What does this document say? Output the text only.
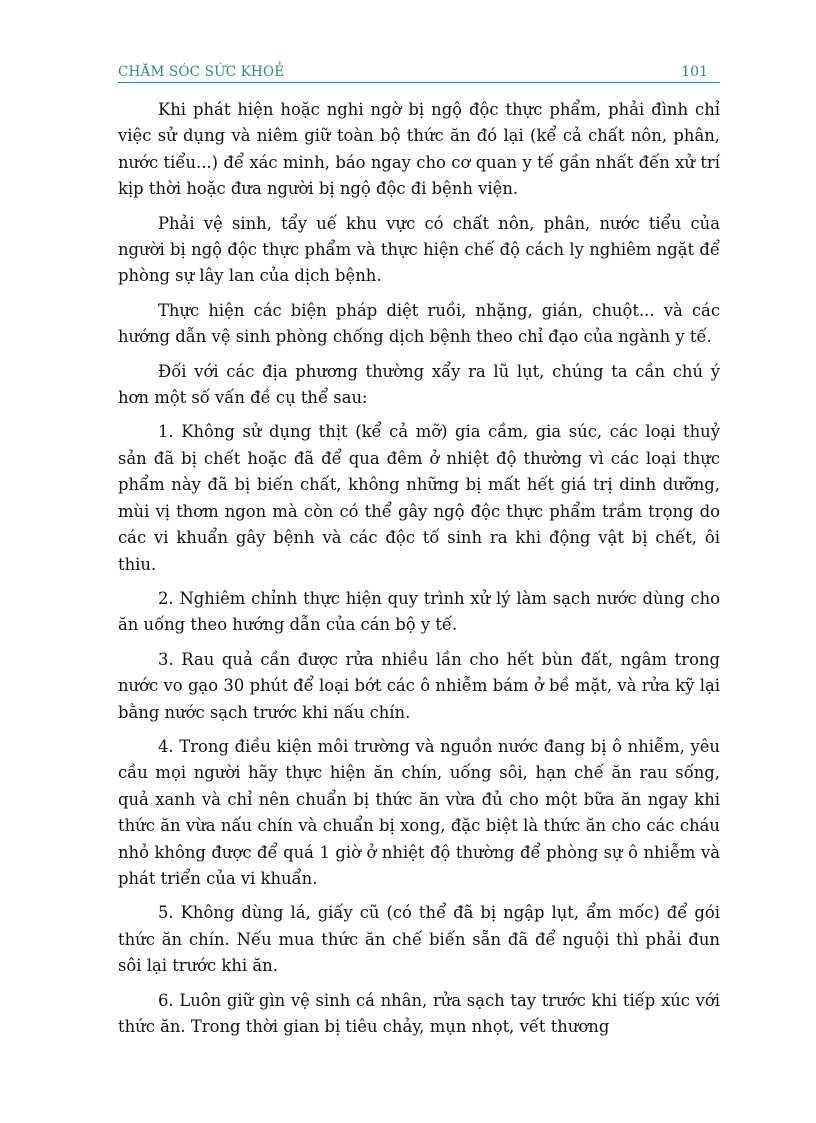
CHĂM SÓC SỨC KHOẺ	101

Khi phát hiện hoặc nghi ngờ bị ngộ độc thực phẩm, phải đình chỉ việc sử dụng và niêm giữ toàn bộ thức ăn đó lại (kể cả chất nôn, phân, nước tiểu...) để xác minh, báo ngay cho cơ quan y tế gần nhất đến xử trí kịp thời hoặc đưa người bị ngộ độc đi bệnh viện.

Phải vệ sinh, tẩy uế khu vực có chất nôn, phân, nước tiểu của người bị ngộ độc thực phẩm và thực hiện chế độ cách ly nghiêm ngặt để phòng sự lây lan của dịch bệnh.

Thực hiện các biện pháp diệt ruồi, nhặng, gián, chuột... và các hướng dẫn vệ sinh phòng chống dịch bệnh theo chỉ đạo của ngành y tế.

Đối với các địa phương thường xẩy ra lũ lụt, chúng ta cần chú ý hơn một số vấn đề cụ thể sau:

1. Không sử dụng thịt (kể cả mỡ) gia cầm, gia súc, các loại thuỷ sản đã bị chết hoặc đã để qua đêm ở nhiệt độ thường vì các loại thực phẩm này đã bị biến chất, không những bị mất hết giá trị dinh dưỡng, mùi vị thơm ngon mà còn có thể gây ngộ độc thực phẩm trầm trọng do các vi khuẩn gây bệnh và các độc tố sinh ra khi động vật bị chết, ôi thiu.

2. Nghiêm chỉnh thực hiện quy trình xử lý làm sạch nước dùng cho ăn uống theo hướng dẫn của cán bộ y tế.

3. Rau quả cần được rửa nhiều lần cho hết bùn đất, ngâm trong nước vo gạo 30 phút để loại bớt các ô nhiễm bám ở bề mặt, và rửa kỹ lại bằng nước sạch trước khi nấu chín.

4. Trong điều kiện môi trường và nguồn nước đang bị ô nhiễm, yêu cầu mọi người hãy thực hiện ăn chín, uống sôi, hạn chế ăn rau sống, quả xanh và chỉ nên chuẩn bị thức ăn vừa đủ cho một bữa ăn ngay khi thức ăn vừa nấu chín và chuẩn bị xong, đặc biệt là thức ăn cho các cháu nhỏ không được để quá 1 giờ ở nhiệt độ thường để phòng sự ô nhiễm và phát triển của vi khuẩn.

5. Không dùng lá, giấy cũ (có thể đã bị ngập lụt, ẩm mốc) để gói thức ăn chín. Nếu mua thức ăn chế biến sẵn đã để nguội thì phải đun sôi lại trước khi ăn.

6. Luôn giữ gìn vệ sinh cá nhân, rửa sạch tay trước khi tiếp xúc với thức ăn. Trong thời gian bị tiêu chảy, mụn nhọt, vết thương
